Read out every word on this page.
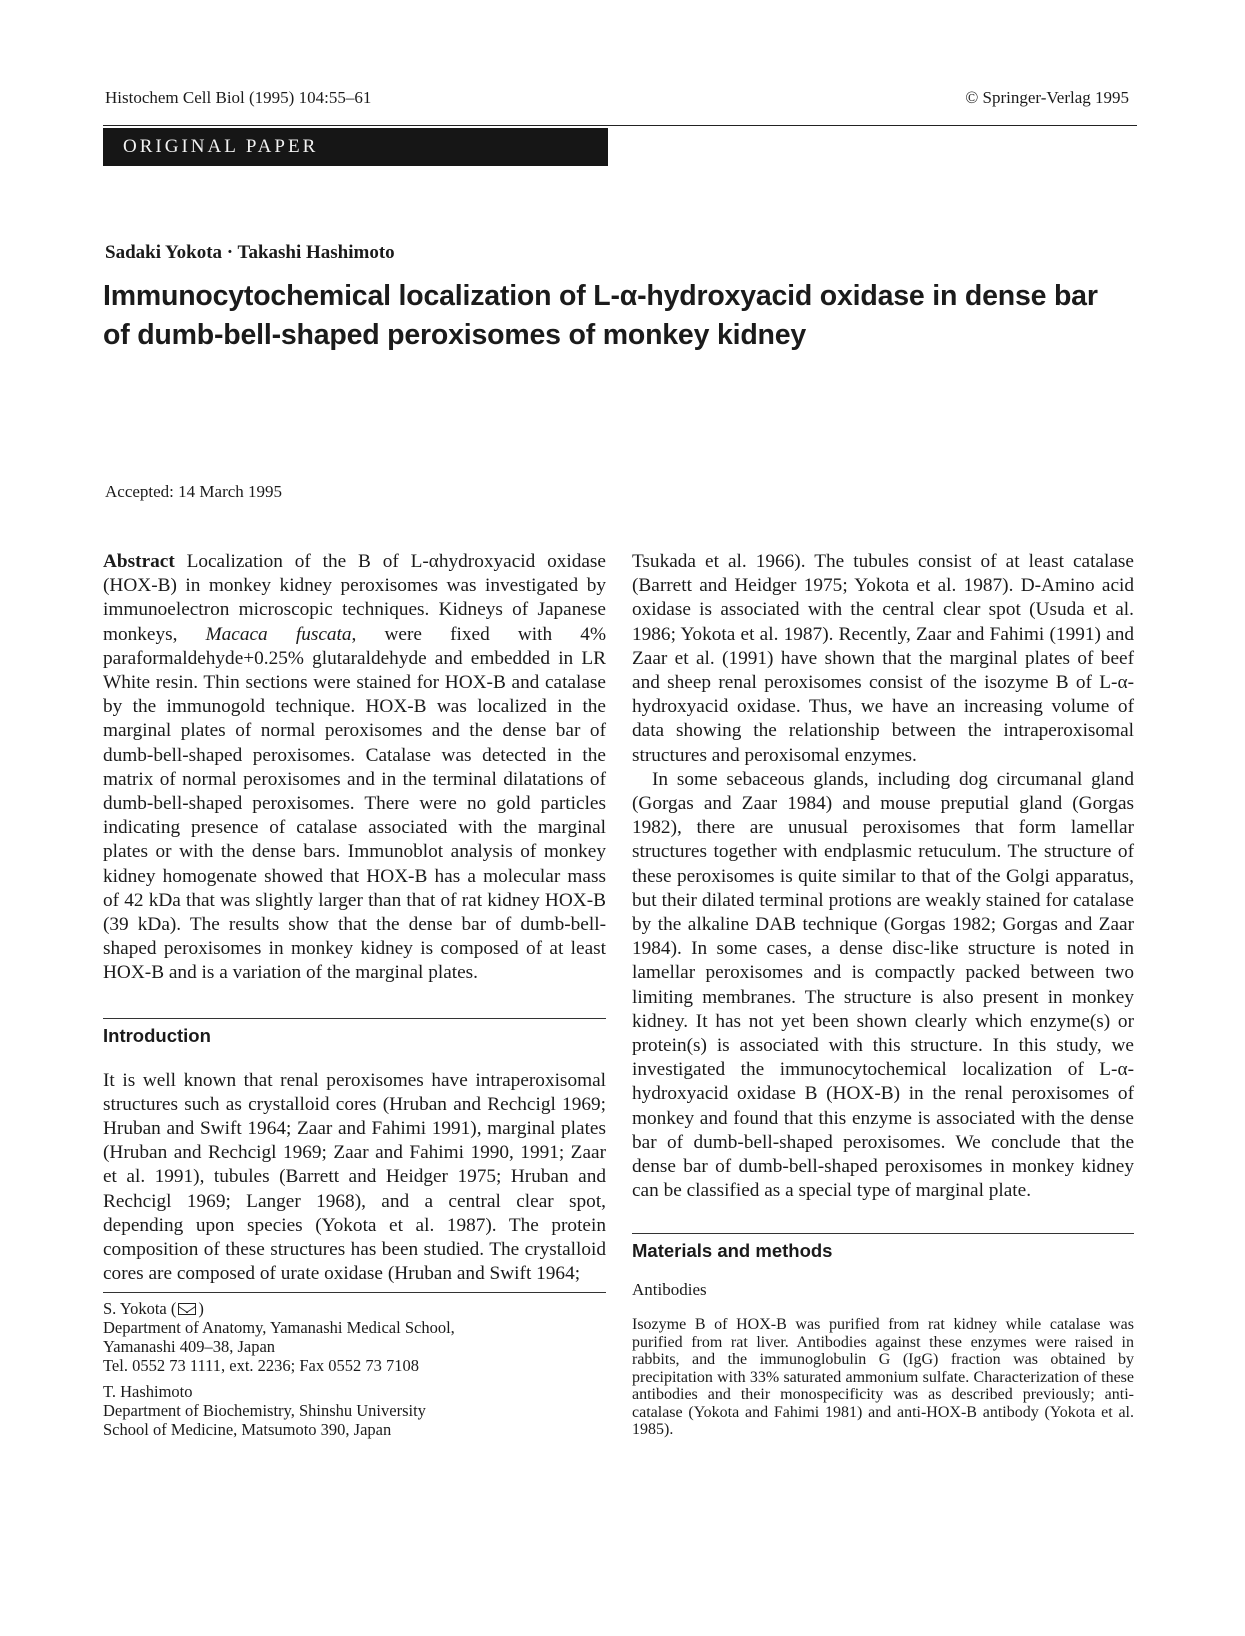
Histochem Cell Biol (1995) 104:55–61	© Springer-Verlag 1995
ORIGINAL PAPER
Sadaki Yokota · Takashi Hashimoto
Immunocytochemical localization of L-α-hydroxyacid oxidase in dense bar
of dumb-bell-shaped peroxisomes of monkey kidney
Accepted: 14 March 1995

Abstract Localization of the B of L-αhydroxyacid oxidase (HOX-B) in monkey kidney peroxisomes was investigated by immunoelectron microscopic techniques. Kidneys of Japanese monkeys, Macaca fuscata, were fixed with 4% paraformaldehyde+0.25% glutaraldehyde and embedded in LR White resin. Thin sections were stained for HOX-B and catalase by the immunogold technique. HOX-B was localized in the marginal plates of normal peroxisomes and the dense bar of dumb-bell-shaped peroxisomes. Catalase was detected in the matrix of normal peroxisomes and in the terminal dilatations of dumb-bell-shaped peroxisomes. There were no gold particles indicating presence of catalase associated with the marginal plates or with the dense bars. Immunoblot analysis of monkey kidney homogenate showed that HOX-B has a molecular mass of 42 kDa that was slightly larger than that of rat kidney HOX-B (39 kDa). The results show that the dense bar of dumb-bell-shaped peroxisomes in monkey kidney is composed of at least HOX-B and is a variation of the marginal plates.

Introduction

It is well known that renal peroxisomes have intraperoxisomal structures such as crystalloid cores (Hruban and Rechcigl 1969; Hruban and Swift 1964; Zaar and Fahimi 1991), marginal plates (Hruban and Rechcigl 1969; Zaar and Fahimi 1990, 1991; Zaar et al. 1991), tubules (Barrett and Heidger 1975; Hruban and Rechcigl 1969; Langer 1968), and a central clear spot, depending upon species (Yokota et al. 1987). The protein composition of these structures has been studied. The crystalloid cores are composed of urate oxidase (Hruban and Swift 1964;

S. Yokota ( )

Department of Anatomy, Yamanashi Medical School,

Yamanashi 409–38, Japan

Tel. 0552 73 1111, ext. 2236; Fax 0552 73 7108

T. Hashimoto

Department of Biochemistry, Shinshu University

School of Medicine, Matsumoto 390, Japan

Tsukada et al. 1966). The tubules consist of at least catalase (Barrett and Heidger 1975; Yokota et al. 1987). D-Amino acid oxidase is associated with the central clear spot (Usuda et al. 1986; Yokota et al. 1987). Recently, Zaar and Fahimi (1991) and Zaar et al. (1991) have shown that the marginal plates of beef and sheep renal peroxisomes consist of the isozyme B of L-α-hydroxyacid oxidase. Thus, we have an increasing volume of data showing the relationship between the intraperoxisomal structures and peroxisomal enzymes.

In some sebaceous glands, including dog circumanal gland (Gorgas and Zaar 1984) and mouse preputial gland (Gorgas 1982), there are unusual peroxisomes that form lamellar structures together with endplasmic retuculum. The structure of these peroxisomes is quite similar to that of the Golgi apparatus, but their dilated terminal protions are weakly stained for catalase by the alkaline DAB technique (Gorgas 1982; Gorgas and Zaar 1984). In some cases, a dense disc-like structure is noted in lamellar peroxisomes and is compactly packed between two limiting membranes. The structure is also present in monkey kidney. It has not yet been shown clearly which enzyme(s) or protein(s) is associated with this structure. In this study, we investigated the immunocytochemical localization of L-α-hydroxyacid oxidase B (HOX-B) in the renal peroxisomes of monkey and found that this enzyme is associated with the dense bar of dumb-bell-shaped peroxisomes. We conclude that the dense bar of dumb-bell-shaped peroxisomes in monkey kidney can be classified as a special type of marginal plate.

Materials and methods

Antibodies

Isozyme B of HOX-B was purified from rat kidney while catalase was purified from rat liver. Antibodies against these enzymes were raised in rabbits, and the immunoglobulin G (IgG) fraction was obtained by precipitation with 33% saturated ammonium sulfate. Characterization of these antibodies and their monospecificity was as described previously; anti-catalase (Yokota and Fahimi 1981) and anti-HOX-B antibody (Yokota et al. 1985).
